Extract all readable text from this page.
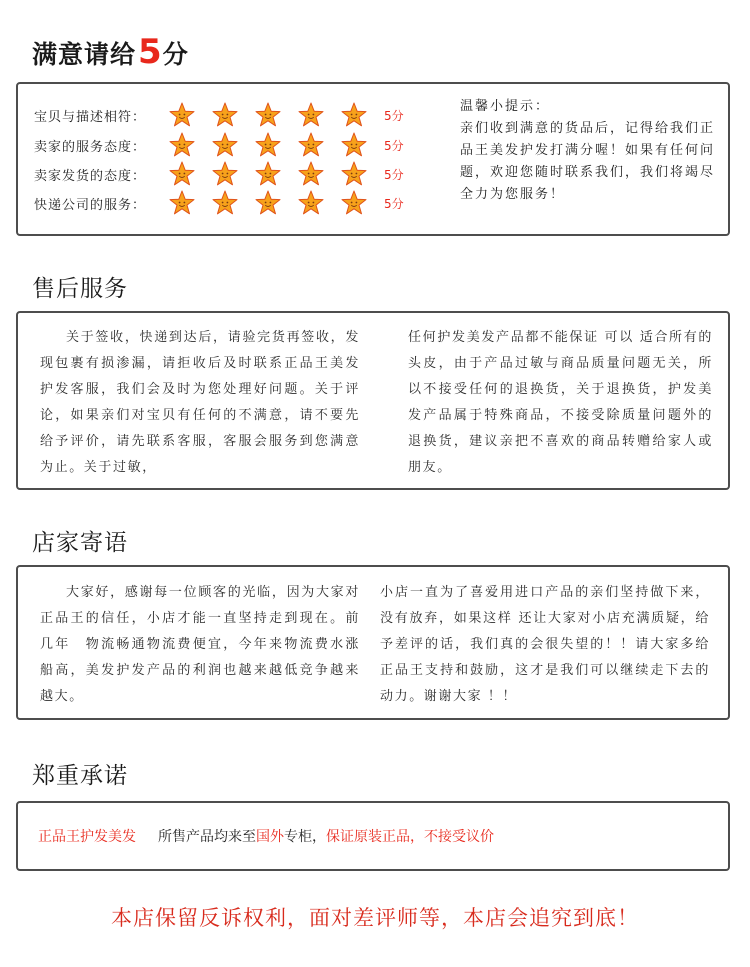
满意请给5分
宝贝与描述相符：	5分
卖家的服务态度：	5分
卖家发货的态度：	5分
快递公司的服务：	5分
温馨小提示：
亲们收到满意的货品后，记得给我们正品王美发护发打满分喔！如果有任何问题，欢迎您随时联系我们，我们将竭尽全力为您服务！
售后服务

关于签收，快递到达后，请验完货再签收，发现包裹有损渗漏，请拒收后及时联系正品王美发护发客服，我们会及时为您处理好问题。关于评论，如果亲们对宝贝有任何的不满意，请不要先给予评价，请先联系客服，客服会服务到您满意为止。关于过敏，

任何护发美发产品都不能保证 可以 适合所有的头皮，由于产品过敏与商品质量问题无关，所以不接受任何的退换货，关于退换货，护发美发产品属于特殊商品，不接受除质量问题外的退换货，建议亲把不喜欢的商品转赠给家人或朋友。

店家寄语

大家好，感谢每一位顾客的光临，因为大家对正品王的信任，小店才能一直坚持走到现在。前几年　物流畅通物流费便宜，今年来物流费水涨船高，美发护发产品的利润也越来越低竞争越来越大。

小店一直为了喜爱用进口产品的亲们坚持做下来，没有放弃，如果这样 还让大家对小店充满质疑，给予差评的话，我们真的会很失望的！！请大家多给正品王支持和鼓励，这才是我们可以继续走下去的动力。谢谢大家 ！！

郑重承诺
正品王护发美发 所售产品均来至国外专柜，保证原装正品，不接受议价
本店保留反诉权利，面对差评师等，本店会追究到底！
